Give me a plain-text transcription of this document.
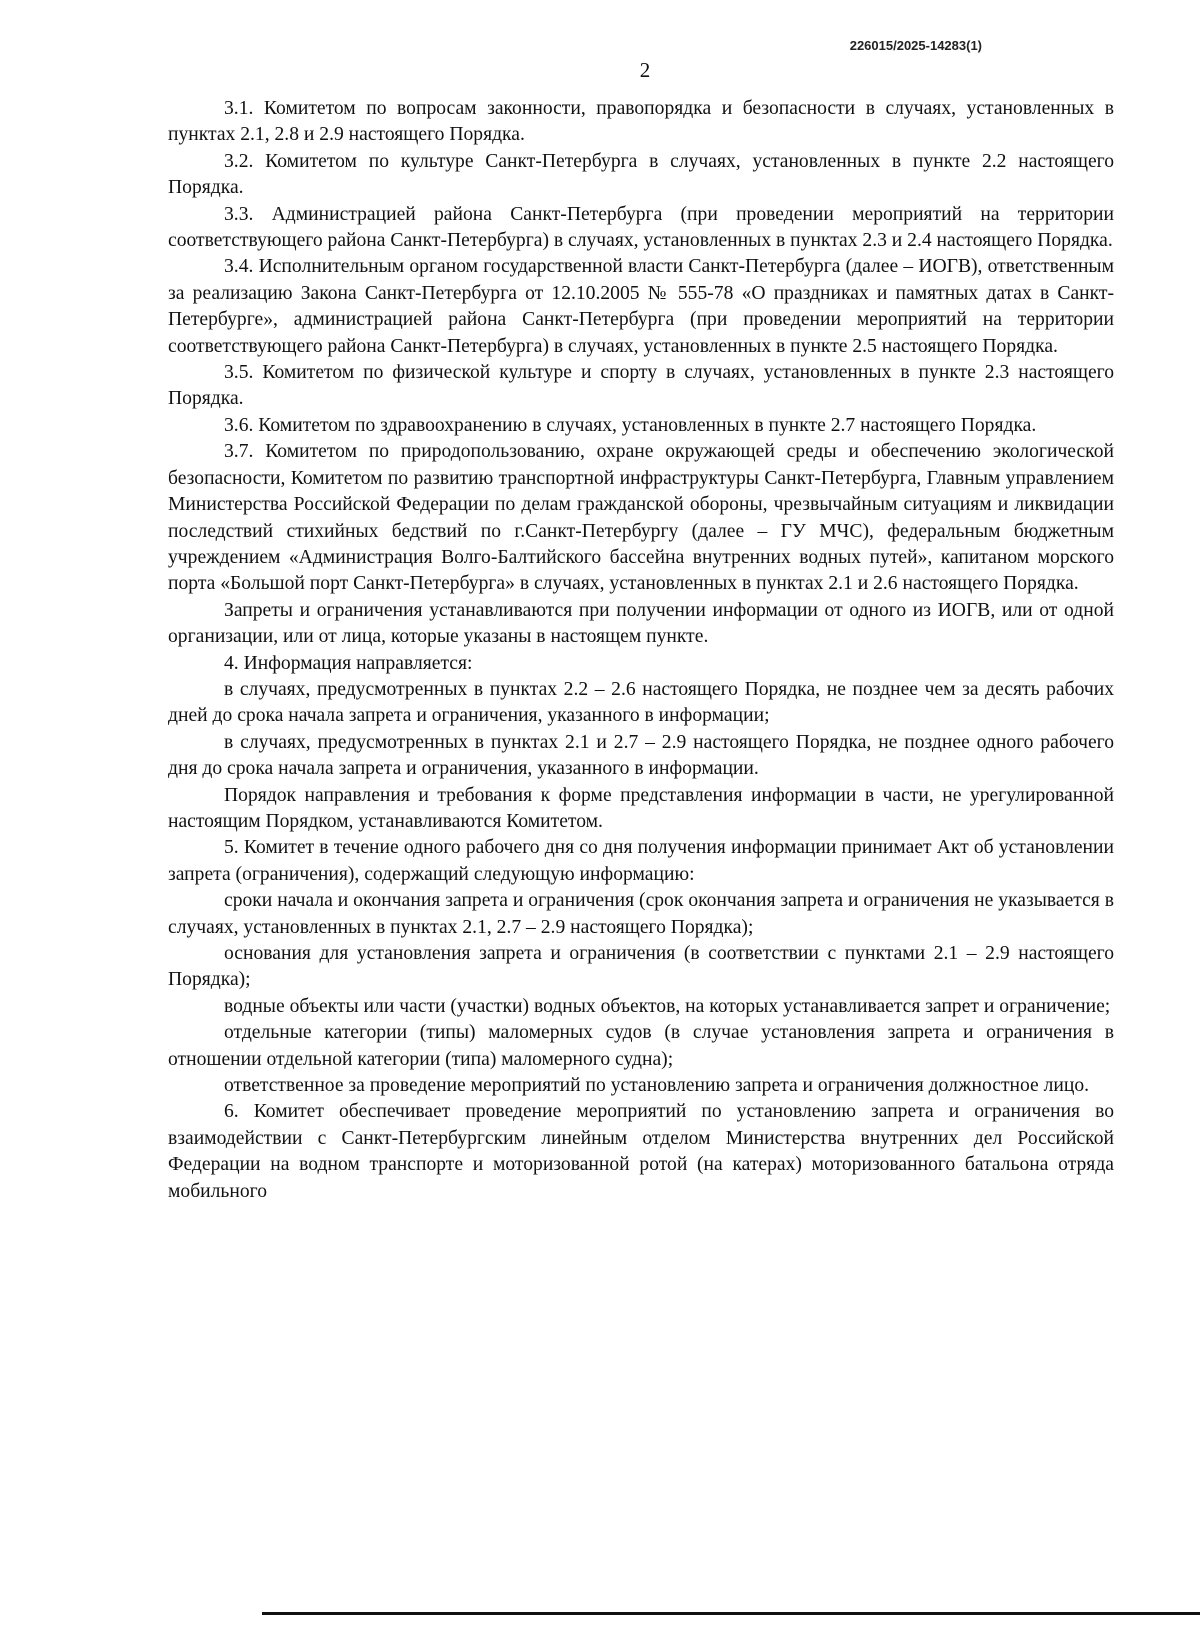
226015/2025-14283(1)
2

3.1. Комитетом по вопросам законности, правопорядка и безопасности в случаях, установленных в пунктах 2.1, 2.8 и 2.9 настоящего Порядка.

3.2. Комитетом по культуре Санкт-Петербурга в случаях, установленных в пункте 2.2 настоящего Порядка.

3.3. Администрацией района Санкт-Петербурга (при проведении мероприятий на территории соответствующего района Санкт-Петербурга) в случаях, установленных в пунктах 2.3 и 2.4 настоящего Порядка.

3.4. Исполнительным органом государственной власти Санкт-Петербурга (далее – ИОГВ), ответственным за реализацию Закона Санкт-Петербурга от 12.10.2005 № 555-78 «О праздниках и памятных датах в Санкт-Петербурге», администрацией района Санкт-Петербурга (при проведении мероприятий на территории соответствующего района Санкт-Петербурга) в случаях, установленных в пункте 2.5 настоящего Порядка.

3.5. Комитетом по физической культуре и спорту в случаях, установленных в пункте 2.3 настоящего Порядка.

3.6. Комитетом по здравоохранению в случаях, установленных в пункте 2.7 настоящего Порядка.

3.7. Комитетом по природопользованию, охране окружающей среды и обеспечению экологической безопасности, Комитетом по развитию транспортной инфраструктуры Санкт-Петербурга, Главным управлением Министерства Российской Федерации по делам гражданской обороны, чрезвычайным ситуациям и ликвидации последствий стихийных бедствий по г.Санкт-Петербургу (далее – ГУ МЧС), федеральным бюджетным учреждением «Администрация Волго-Балтийского бассейна внутренних водных путей», капитаном морского порта «Большой порт Санкт-Петербурга» в случаях, установленных в пунктах 2.1 и 2.6 настоящего Порядка.

Запреты и ограничения устанавливаются при получении информации от одного из ИОГВ, или от одной организации, или от лица, которые указаны в настоящем пункте.

4. Информация направляется:

в случаях, предусмотренных в пунктах 2.2 – 2.6 настоящего Порядка, не позднее чем за десять рабочих дней до срока начала запрета и ограничения, указанного в информации;

в случаях, предусмотренных в пунктах 2.1 и 2.7 – 2.9 настоящего Порядка, не позднее одного рабочего дня до срока начала запрета и ограничения, указанного в информации.

Порядок направления и требования к форме представления информации в части, не урегулированной настоящим Порядком, устанавливаются Комитетом.

5. Комитет в течение одного рабочего дня со дня получения информации принимает Акт об установлении запрета (ограничения), содержащий следующую информацию:

сроки начала и окончания запрета и ограничения (срок окончания запрета и ограничения не указывается в случаях, установленных в пунктах 2.1, 2.7 – 2.9 настоящего Порядка);

основания для установления запрета и ограничения (в соответствии с пунктами 2.1 – 2.9 настоящего Порядка);

водные объекты или части (участки) водных объектов, на которых устанавливается запрет и ограничение;

отдельные категории (типы) маломерных судов (в случае установления запрета и ограничения в отношении отдельной категории (типа) маломерного судна);

ответственное за проведение мероприятий по установлению запрета и ограничения должностное лицо.

6. Комитет обеспечивает проведение мероприятий по установлению запрета и ограничения во взаимодействии с Санкт-Петербургским линейным отделом Министерства внутренних дел Российской Федерации на водном транспорте и моторизованной ротой (на катерах) моторизованного батальона отряда мобильного
